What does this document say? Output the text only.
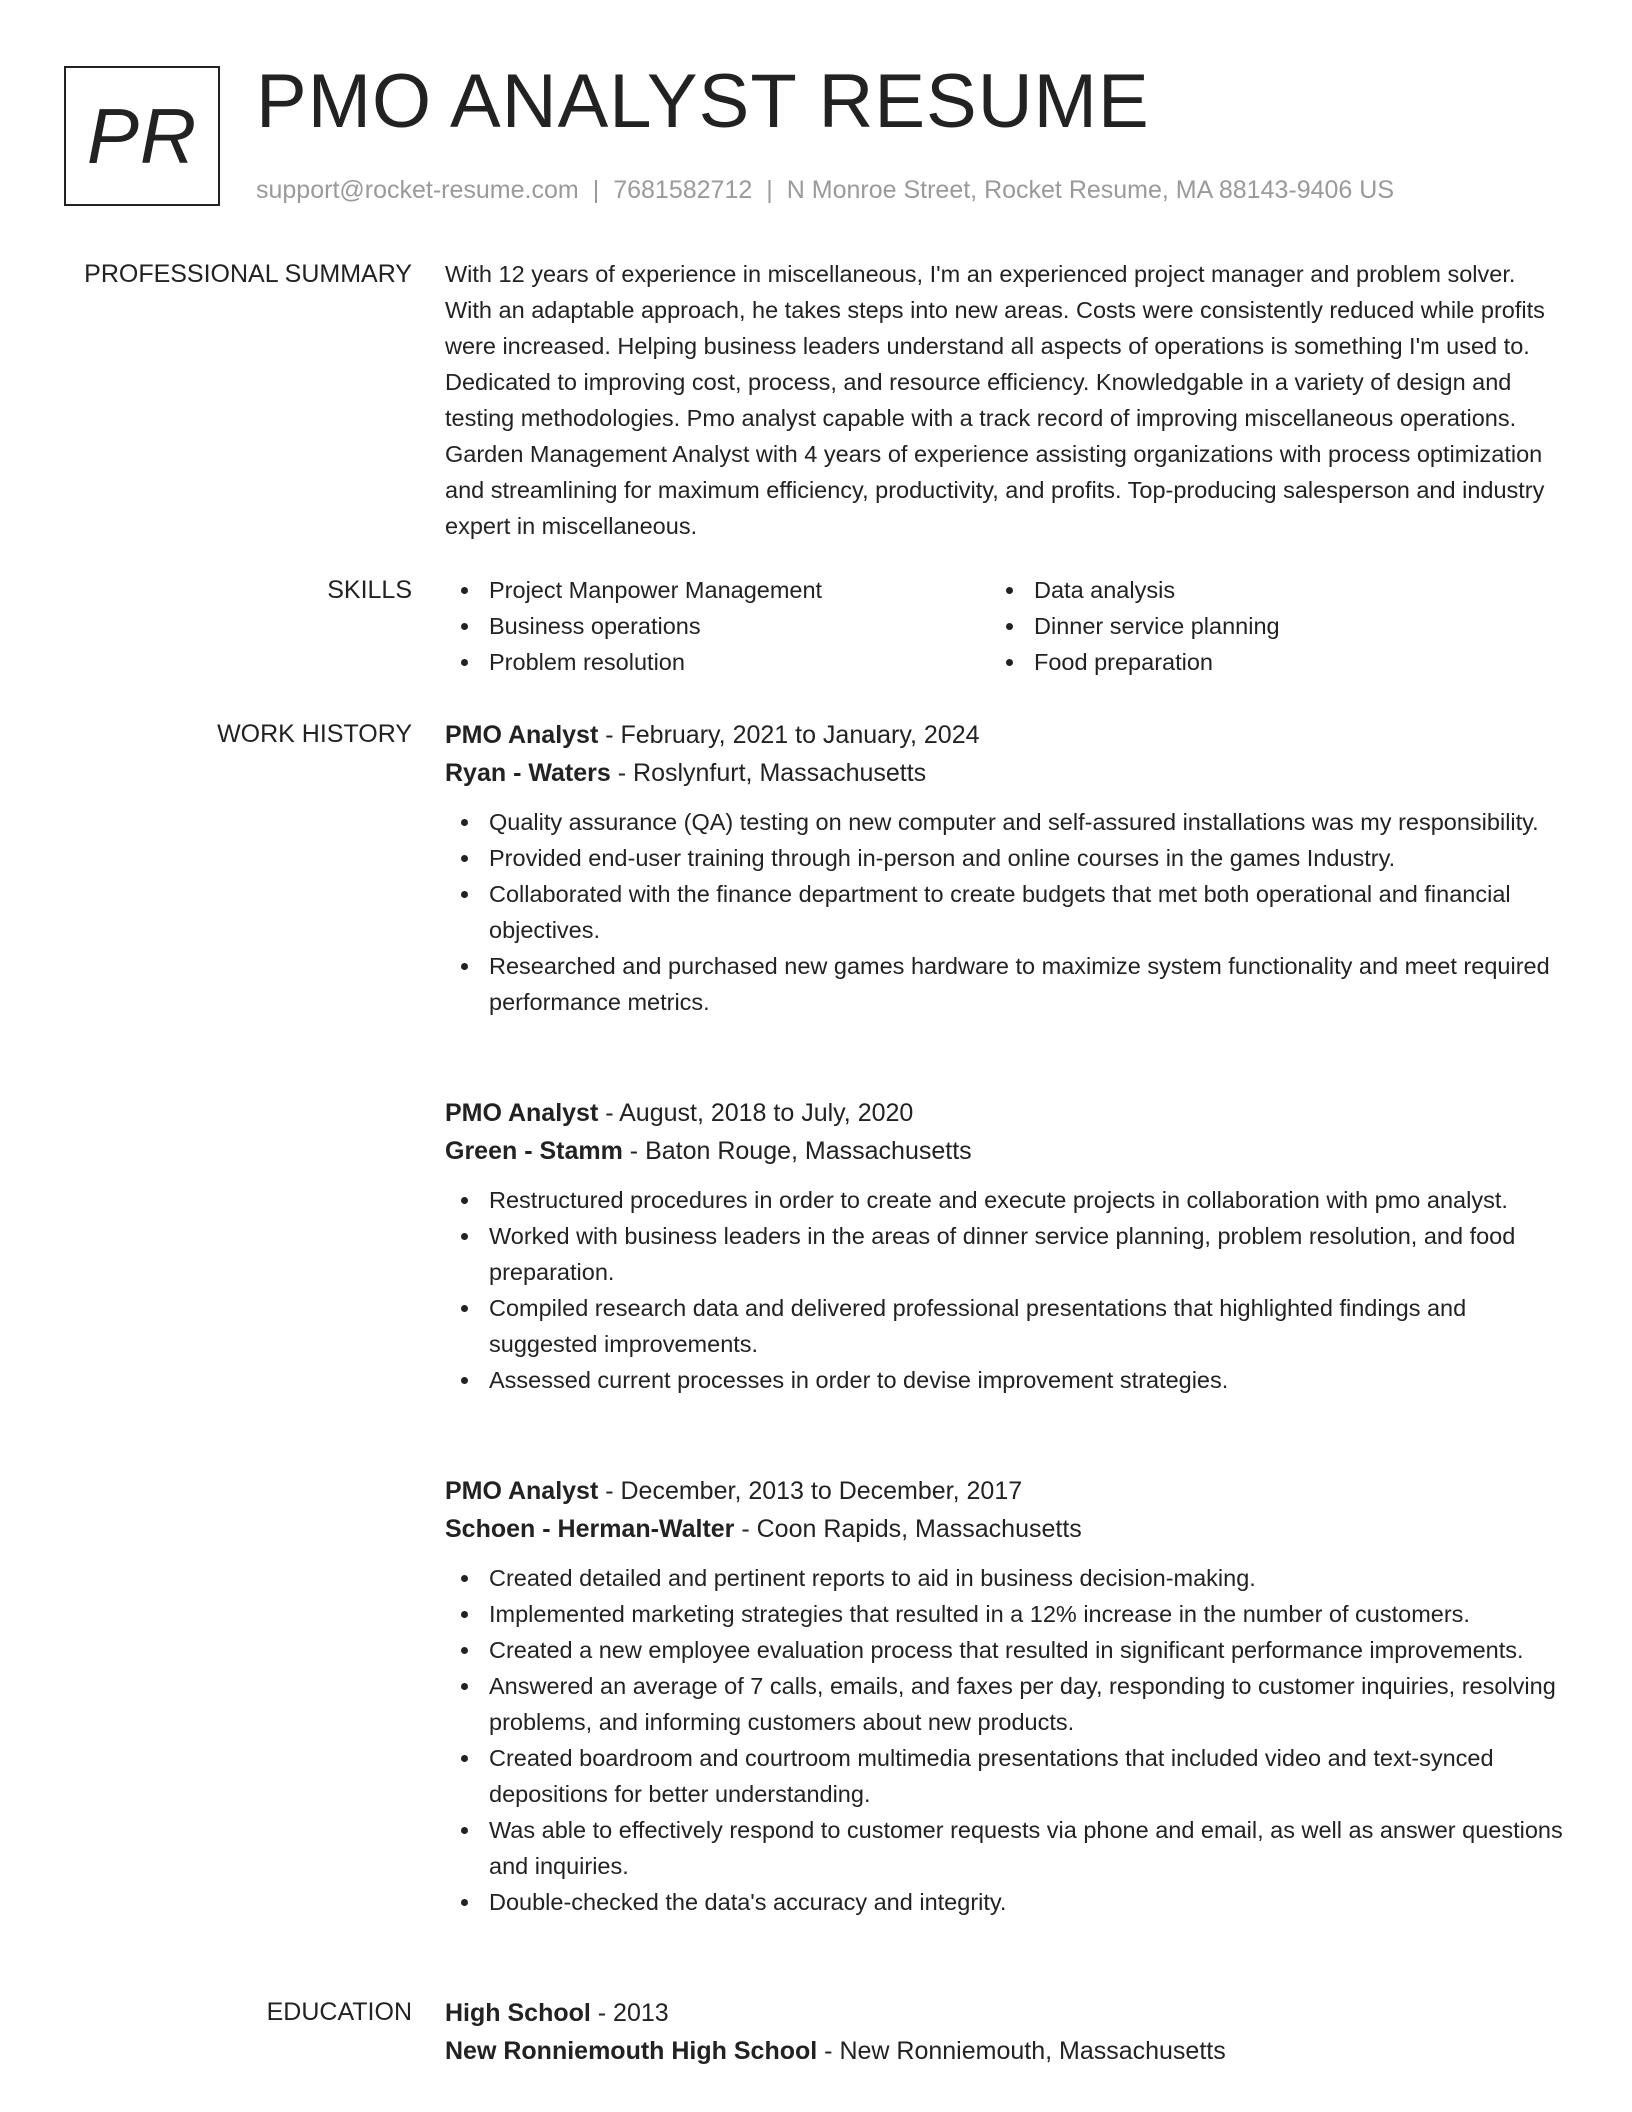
PR PMO ANALYST RESUME
support@rocket-resume.com | 7681582712 | N Monroe Street, Rocket Resume, MA 88143-9406 US
PROFESSIONAL SUMMARY With 12 years of experience in miscellaneous, I'm an experienced project manager and problem solver. With an adaptable approach, he takes steps into new areas. Costs were consistently reduced while profits were increased. Helping business leaders understand all aspects of operations is something I'm used to. Dedicated to improving cost, process, and resource efficiency. Knowledgable in a variety of design and testing methodologies. Pmo analyst capable with a track record of improving miscellaneous operations. Garden Management Analyst with 4 years of experience assisting organizations with process optimization and streamlining for maximum efficiency, productivity, and profits. Top-producing salesperson and industry expert in miscellaneous.

SKILLS	Project Manpower Management	Data analysis
Business operations	Dinner service planning
Problem resolution	Food preparation
WORK HISTORY PMO Analyst - February, 2021 to January, 2024
Ryan - Waters - Roslynfurt, Massachusetts
Quality assurance (QA) testing on new computer and self-assured installations was my responsibility.
Provided end-user training through in-person and online courses in the games Industry.
Collaborated with the finance department to create budgets that met both operational and financial objectives.
Researched and purchased new games hardware to maximize system functionality and meet required performance metrics.
PMO Analyst - August, 2018 to July, 2020
Green - Stamm - Baton Rouge, Massachusetts
Restructured procedures in order to create and execute projects in collaboration with pmo analyst.
Worked with business leaders in the areas of dinner service planning, problem resolution, and food preparation.
Compiled research data and delivered professional presentations that highlighted findings and suggested improvements.
Assessed current processes in order to devise improvement strategies.
PMO Analyst - December, 2013 to December, 2017
Schoen - Herman-Walter - Coon Rapids, Massachusetts
Created detailed and pertinent reports to aid in business decision-making.
Implemented marketing strategies that resulted in a 12% increase in the number of customers.
Created a new employee evaluation process that resulted in significant performance improvements.
Answered an average of 7 calls, emails, and faxes per day, responding to customer inquiries, resolving problems, and informing customers about new products.
Created boardroom and courtroom multimedia presentations that included video and text-synced depositions for better understanding.
Was able to effectively respond to customer requests via phone and email, as well as answer questions and inquiries.
Double-checked the data's accuracy and integrity.
EDUCATION High School - 2013
New Ronniemouth High School - New Ronniemouth, Massachusetts
